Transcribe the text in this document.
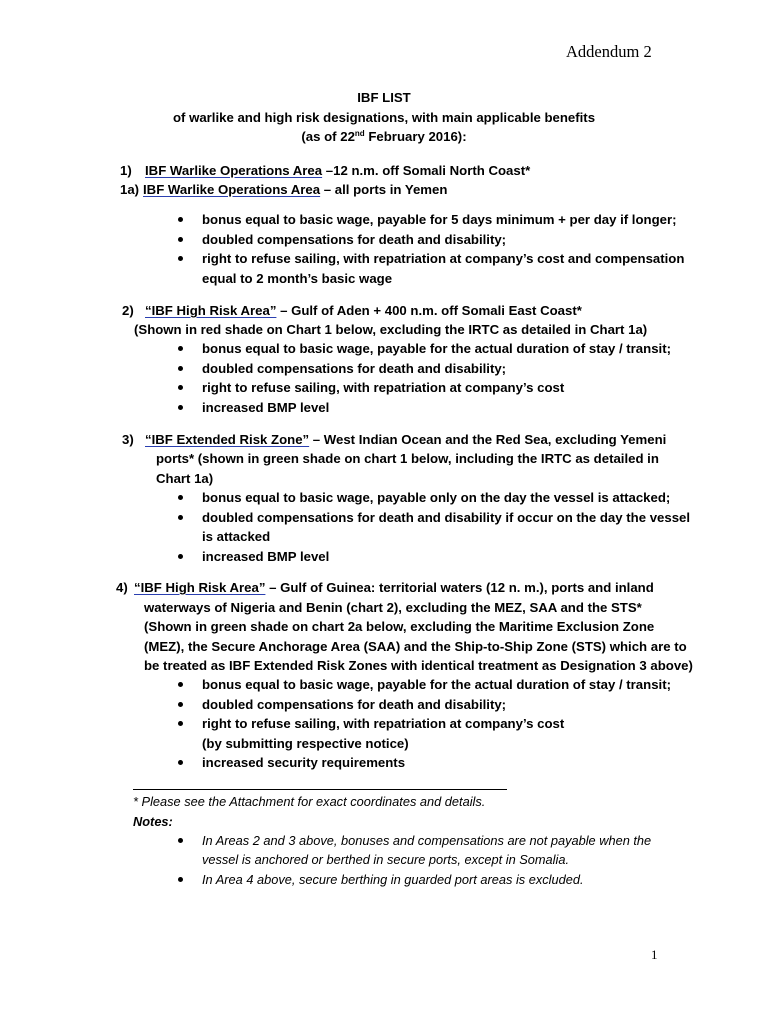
Addendum 2
IBF LIST
of warlike and high risk designations, with main applicable benefits
(as of 22nd February 2016):
1) IBF Warlike Operations Area –12 n.m. off Somali North Coast*
1a) IBF Warlike Operations Area – all ports in Yemen
bonus equal to basic wage, payable for 5 days minimum + per day if longer;
doubled compensations for death and disability;
right to refuse sailing, with repatriation at company’s cost and compensation
equal to 2 month’s basic wage
2) “IBF High Risk Area” – Gulf of Aden + 400 n.m. off Somali East Coast*
(Shown in red shade on Chart 1 below, excluding the IRTC as detailed in Chart 1a)
bonus equal to basic wage, payable for the actual duration of stay / transit;
doubled compensations for death and disability;
right to refuse sailing, with repatriation at company’s cost
increased BMP level
3) “IBF Extended Risk Zone” – West Indian Ocean and the Red Sea, excluding Yemeni
ports* (shown in green shade on chart 1 below, including the IRTC as detailed in
Chart 1a)
bonus equal to basic wage, payable only on the day the vessel is attacked;
doubled compensations for death and disability if occur on the day the vessel
is attacked
increased BMP level
4) “IBF High Risk Area” – Gulf of Guinea: territorial waters (12 n. m.), ports and inland
waterways of Nigeria and Benin (chart 2), excluding the MEZ, SAA and the STS*
(Shown in green shade on chart 2a below, excluding the Maritime Exclusion Zone
(MEZ), the Secure Anchorage Area (SAA) and the Ship-to-Ship Zone (STS) which are to
be treated as IBF Extended Risk Zones with identical treatment as Designation 3 above)
bonus equal to basic wage, payable for the actual duration of stay / transit;
doubled compensations for death and disability;
right to refuse sailing, with repatriation at company’s cost
(by submitting respective notice)
increased security requirements
* Please see the Attachment for exact coordinates and details.
Notes:
In Areas 2 and 3 above, bonuses and compensations are not payable when the
vessel is anchored or berthed in secure ports, except in Somalia.
In Area 4 above, secure berthing in guarded port areas is excluded.
1
